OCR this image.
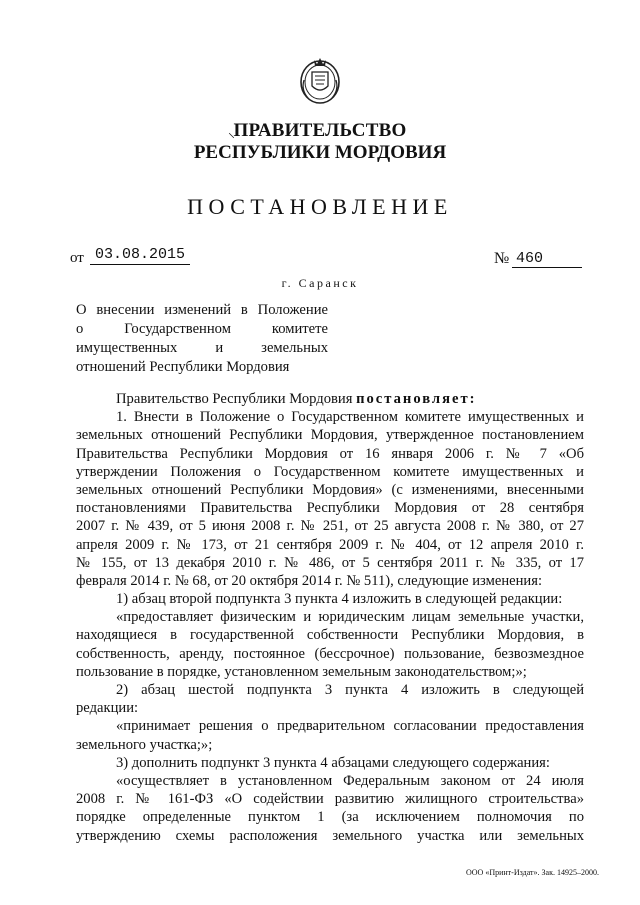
⸜
ПРАВИТЕЛЬСТВО
РЕСПУБЛИКИ МОРДОВИЯ
ПОСТАНОВЛЕНИЕ
от 03.08.2015	№ 460
г. Саранск
О внесении изменений в Положение
о Государственном комитете
имущественных и земельных
отношений Республики Мордовия
Правительство Республики Мордовия постановляет:
1. Внести в Положение о Государственном комитете имущественных и
земельных отношений Республики Мордовия, утвержденное постановлением
Правительства Республики Мордовия от 16 января 2006 г. № 7 «Об
утверждении Положения о Государственном комитете имущественных и
земельных отношений Республики Мордовия» (с изменениями, внесенными
постановлениями Правительства Республики Мордовия от 28 сентября
2007 г. № 439, от 5 июня 2008 г. № 251, от 25 августа 2008 г. № 380, от 27
апреля 2009 г. № 173, от 21 сентября 2009 г. № 404, от 12 апреля 2010 г.
№ 155, от 13 декабря 2010 г. № 486, от 5 сентября 2011 г. № 335, от 17
февраля 2014 г. № 68, от 20 октября 2014 г. № 511), следующие изменения:
1) абзац второй подпункта 3 пункта 4 изложить в следующей редакции:
«предоставляет физическим и юридическим лицам земельные участки,
находящиеся в государственной собственности Республики Мордовия, в
собственность, аренду, постоянное (бессрочное) пользование, безвозмездное
пользование в порядке, установленном земельным законодательством;»;
2) абзац шестой подпункта 3 пункта 4 изложить в следующей
редакции:
«принимает решения о предварительном согласовании предоставления
земельного участка;»;
3) дополнить подпункт 3 пункта 4 абзацами следующего содержания:
«осуществляет в установленном Федеральным законом от 24 июля
2008 г. № 161-ФЗ «О содействии развитию жилищного строительства»
порядке определенные пунктом 1 (за исключением полномочия по
утверждению схемы расположения земельного участка или земельных
ООО «Принт-Издат». Зак. 14925–2000.
